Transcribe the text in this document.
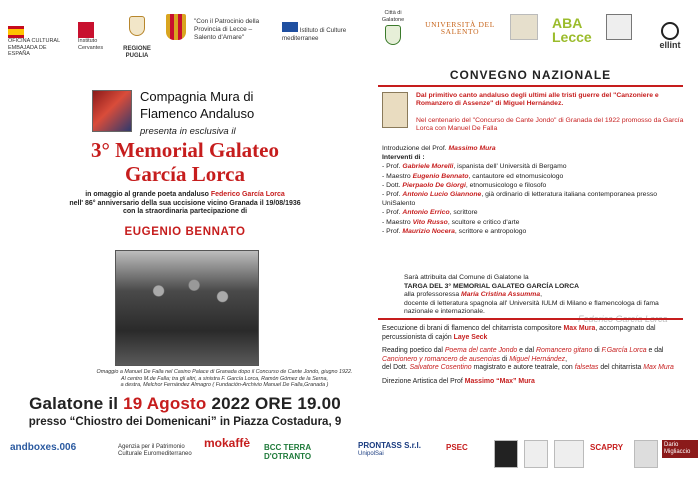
OFICINA CULTURAL EMBAJADA DE ESPAÑA
Instituto Cervantes	REGIONE PUGLIA
"Con il Patrocinio della Provincia di Lecce – Salento d'Amare"
Istituto di Culture mediterranee
Città di Galatone
UNIVERSITÀ DEL SALENTO	ABA Lecce	ellint
Compagnia Mura di
Flamenco Andaluso
presenta in esclusiva il
3° Memorial Galateo
García Lorca
in omaggio al grande poeta andaluso Federico García Lorca
nell' 86° anniversario della sua uccisione vicino Granada il 19/08/1936
con la straordinaria partecipazione di
EUGENIO BENNATO
Omaggio a Manuel De Falla nel Casino Palace di Granada dopo il Concurso de Cante Jondo, giugno 1922.
Al centro M.de Falla; tra gli altri, a sinistra F. García Lorca, Ramón Gómez de la Serna,
a destra, Melchor Fernández Almagro ( Fundación-Archivio Manuel De Falla,Granada )
Galatone il 19 Agosto 2022 ORE 19.00
presso “Chiostro dei Domenicani” in Piazza Costadura, 9
Federico García Lorca
CONVEGNO NAZIONALE
Dal primitivo canto andaluso degli ultimi alle tristi guerre del "Canzoniere e Romanzero di Assenze" di Miguel Hernández.
Nel centenario del "Concurso de Cante Jondo" di Granada del 1922 promosso da García Lorca con Manuel De Falla
Introduzione del Prof. Massimo Mura
Interventi di :
- Prof. Gabriele Morelli, ispanista dell' Università di Bergamo
- Maestro Eugenio Bennato, cantautore ed etnomusicologo
- Dott. Pierpaolo De Giorgi, etnomusicologo e filosofo
- Prof. Antonio Lucio Giannone, già ordinario di letteratura italiana contemporanea presso UniSalento
- Prof. Antonio Errico, scrittore
- Maestro Vito Russo, scultore e critico d'arte
- Prof. Maurizio Nocera, scrittore e antropologo
Sarà attribuita dal Comune di Galatone la
TARGA DEL 3° MEMORIAL GALATEO GARCÍA LORCA
alla professoressa María Cristina Assumma,
docente di letteratura spagnola all' Università IULM di Milano e flamencologa di fama nazionale e internazionale.
Esecuzione di brani di flamenco del chitarrista compositore Max Mura, accompagnato dal percussionista di cajón Laye Seck
Reading poetico dal Poema del cante Jondo e dal Romancero gitano di F.García Lorca e dal Cancionero y romancero de ausencias di Miguel Hernández,
del Dott. Salvatore Cosentino magistrato e autore teatrale, con falsetas del chitarrista Max Mura
Direzione Artistica del Prof Massimo “Max” Mura
andboxes.006	Agenzia per il Patrimonio Culturale Euromediterraneo
mokaffè	BCC TERRA D'OTRANTO
PRONTASS S.r.l.
UnipolSai
PSEC	SCAPRY	Dario Migliaccio
